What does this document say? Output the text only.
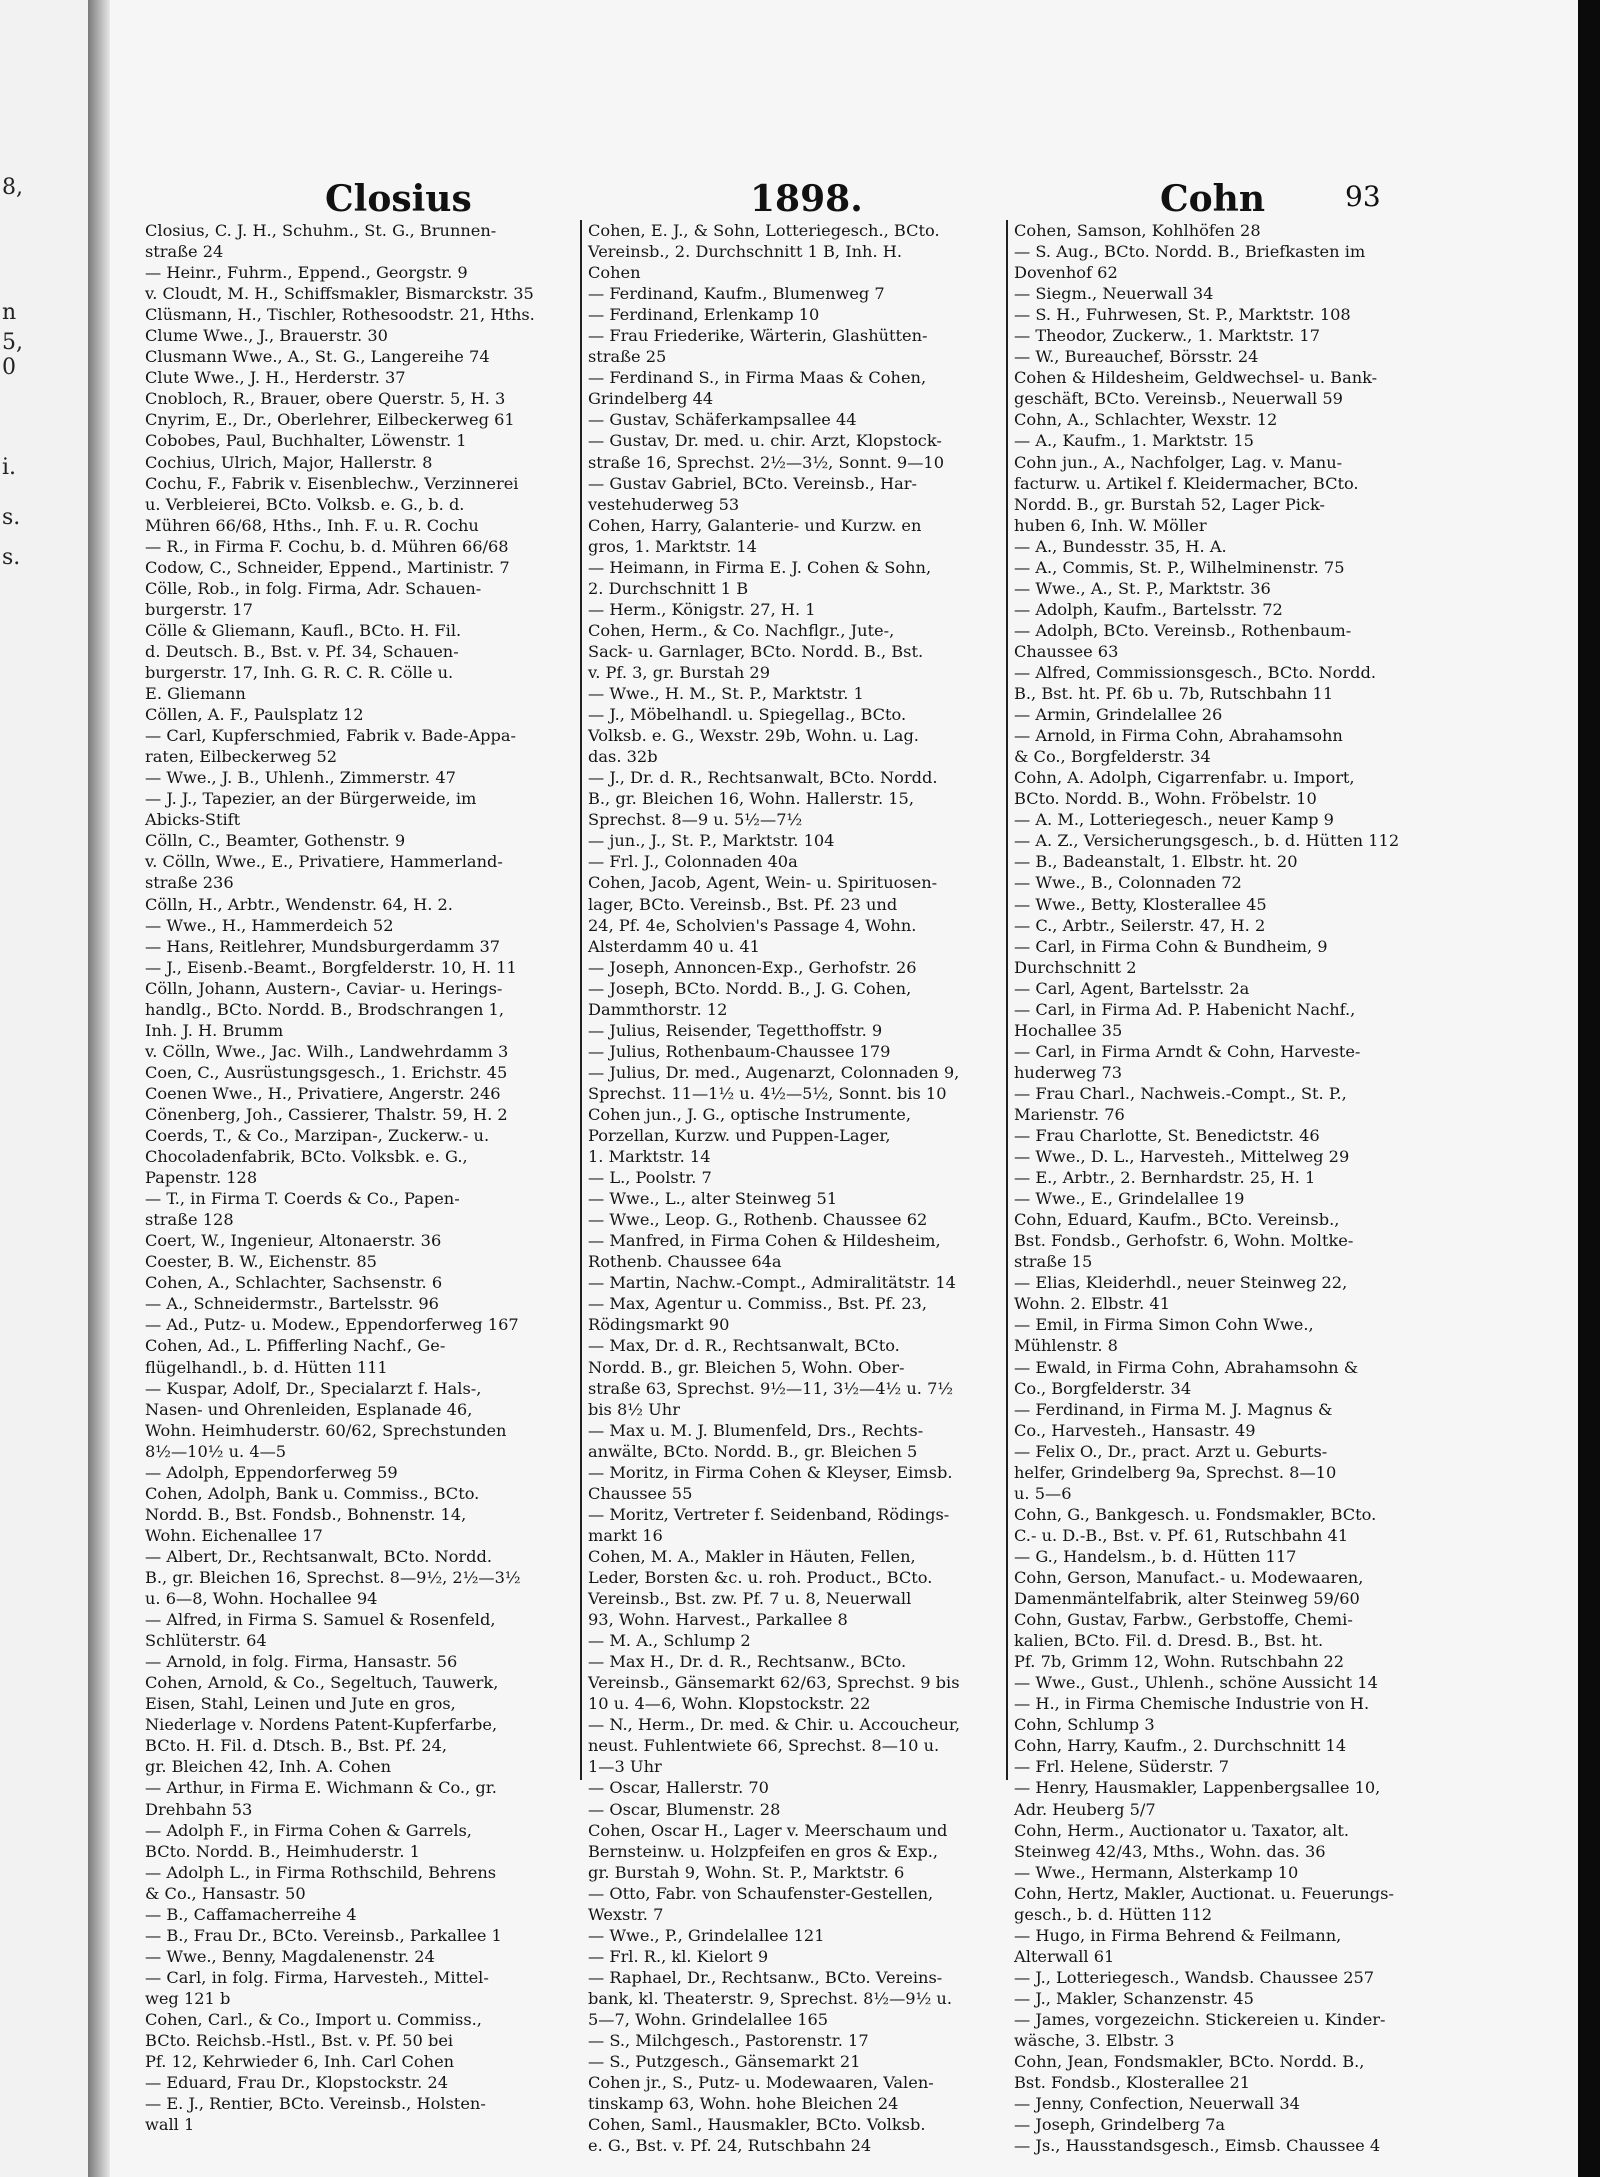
8,
n
5,
0
i.
s.
s.
Closius	1898.	Cohn	93

Closius, C. J. H., Schuhm., St. G., Brunnen-

straße 24

— Heinr., Fuhrm., Eppend., Georgstr. 9

v. Cloudt, M. H., Schiffsmakler, Bismarckstr. 35

Clüsmann, H., Tischler, Rothesoodstr. 21, Hths.

Clume Wwe., J., Brauerstr. 30

Clusmann Wwe., A., St. G., Langereihe 74

Clute Wwe., J. H., Herderstr. 37

Cnobloch, R., Brauer, obere Querstr. 5, H. 3

Cnyrim, E., Dr., Oberlehrer, Eilbeckerweg 61

Cobobes, Paul, Buchhalter, Löwenstr. 1

Cochius, Ulrich, Major, Hallerstr. 8

Cochu, F., Fabrik v. Eisenblechw., Verzinnerei

u. Verbleierei, BCto. Volksb. e. G., b. d.

Mühren 66/68, Hths., Inh. F. u. R. Cochu

— R., in Firma F. Cochu, b. d. Mühren 66/68

Codow, C., Schneider, Eppend., Martinistr. 7

Cölle, Rob., in folg. Firma, Adr. Schauen-

burgerstr. 17

Cölle & Gliemann, Kaufl., BCto. H. Fil.

d. Deutsch. B., Bst. v. Pf. 34, Schauen-

burgerstr. 17, Inh. G. R. C. R. Cölle u.

E. Gliemann

Cöllen, A. F., Paulsplatz 12

— Carl, Kupferschmied, Fabrik v. Bade-Appa-

raten, Eilbeckerweg 52

— Wwe., J. B., Uhlenh., Zimmerstr. 47

— J. J., Tapezier, an der Bürgerweide, im

Abicks-Stift

Cölln, C., Beamter, Gothenstr. 9

v. Cölln, Wwe., E., Privatiere, Hammerland-

straße 236

Cölln, H., Arbtr., Wendenstr. 64, H. 2.

— Wwe., H., Hammerdeich 52

— Hans, Reitlehrer, Mundsburgerdamm 37

— J., Eisenb.-Beamt., Borgfelderstr. 10, H. 11

Cölln, Johann, Austern-, Caviar- u. Herings-

handlg., BCto. Nordd. B., Brodschrangen 1,

Inh. J. H. Brumm

v. Cölln, Wwe., Jac. Wilh., Landwehrdamm 3

Coen, C., Ausrüstungsgesch., 1. Erichstr. 45

Coenen Wwe., H., Privatiere, Angerstr. 246

Cönenberg, Joh., Cassierer, Thalstr. 59, H. 2

Coerds, T., & Co., Marzipan-, Zuckerw.- u.

Chocoladenfabrik, BCto. Volksbk. e. G.,

Papenstr. 128

— T., in Firma T. Coerds & Co., Papen-

straße 128

Coert, W., Ingenieur, Altonaerstr. 36

Coester, B. W., Eichenstr. 85

Cohen, A., Schlachter, Sachsenstr. 6

— A., Schneidermstr., Bartelsstr. 96

— Ad., Putz- u. Modew., Eppendorferweg 167

Cohen, Ad., L. Pfifferling Nachf., Ge-

flügelhandl., b. d. Hütten 111

— Kuspar, Adolf, Dr., Specialarzt f. Hals-,

Nasen- und Ohrenleiden, Esplanade 46,

Wohn. Heimhuderstr. 60/62, Sprechstunden

8½—10½ u. 4—5

— Adolph, Eppendorferweg 59

Cohen, Adolph, Bank u. Commiss., BCto.

Nordd. B., Bst. Fondsb., Bohnenstr. 14,

Wohn. Eichenallee 17

— Albert, Dr., Rechtsanwalt, BCto. Nordd.

B., gr. Bleichen 16, Sprechst. 8—9½, 2½—3½

u. 6—8, Wohn. Hochallee 94

— Alfred, in Firma S. Samuel & Rosenfeld,

Schlüterstr. 64

— Arnold, in folg. Firma, Hansastr. 56

Cohen, Arnold, & Co., Segeltuch, Tauwerk,

Eisen, Stahl, Leinen und Jute en gros,

Niederlage v. Nordens Patent-Kupferfarbe,

BCto. H. Fil. d. Dtsch. B., Bst. Pf. 24,

gr. Bleichen 42, Inh. A. Cohen

— Arthur, in Firma E. Wichmann & Co., gr.

Drehbahn 53

— Adolph F., in Firma Cohen & Garrels,

BCto. Nordd. B., Heimhuderstr. 1

— Adolph L., in Firma Rothschild, Behrens

& Co., Hansastr. 50

— B., Caffamacherreihe 4

— B., Frau Dr., BCto. Vereinsb., Parkallee 1

— Wwe., Benny, Magdalenenstr. 24

— Carl, in folg. Firma, Harvesteh., Mittel-

weg 121 b

Cohen, Carl., & Co., Import u. Commiss.,

BCto. Reichsb.-Hstl., Bst. v. Pf. 50 bei

Pf. 12, Kehrwieder 6, Inh. Carl Cohen

— Eduard, Frau Dr., Klopstockstr. 24

— E. J., Rentier, BCto. Vereinsb., Holsten-

wall 1

Cohen, E. J., & Sohn, Lotteriegesch., BCto.

Vereinsb., 2. Durchschnitt 1 B, Inh. H.

Cohen

— Ferdinand, Kaufm., Blumenweg 7

— Ferdinand, Erlenkamp 10

— Frau Friederike, Wärterin, Glashütten-

straße 25

— Ferdinand S., in Firma Maas & Cohen,

Grindelberg 44

— Gustav, Schäferkampsallee 44

— Gustav, Dr. med. u. chir. Arzt, Klopstock-

straße 16, Sprechst. 2½—3½, Sonnt. 9—10

— Gustav Gabriel, BCto. Vereinsb., Har-

vestehuderweg 53

Cohen, Harry, Galanterie- und Kurzw. en

gros, 1. Marktstr. 14

— Heimann, in Firma E. J. Cohen & Sohn,

2. Durchschnitt 1 B

— Herm., Königstr. 27, H. 1

Cohen, Herm., & Co. Nachflgr., Jute-,

Sack- u. Garnlager, BCto. Nordd. B., Bst.

v. Pf. 3, gr. Burstah 29

— Wwe., H. M., St. P., Marktstr. 1

— J., Möbelhandl. u. Spiegellag., BCto.

Volksb. e. G., Wexstr. 29b, Wohn. u. Lag.

das. 32b

— J., Dr. d. R., Rechtsanwalt, BCto. Nordd.

B., gr. Bleichen 16, Wohn. Hallerstr. 15,

Sprechst. 8—9 u. 5½—7½

— jun., J., St. P., Marktstr. 104

— Frl. J., Colonnaden 40a

Cohen, Jacob, Agent, Wein- u. Spirituosen-

lager, BCto. Vereinsb., Bst. Pf. 23 und

24, Pf. 4e, Scholvien's Passage 4, Wohn.

Alsterdamm 40 u. 41

— Joseph, Annoncen-Exp., Gerhofstr. 26

— Joseph, BCto. Nordd. B., J. G. Cohen,

Dammthorstr. 12

— Julius, Reisender, Tegetthoffstr. 9

— Julius, Rothenbaum-Chaussee 179

— Julius, Dr. med., Augenarzt, Colonnaden 9,

Sprechst. 11—1½ u. 4½—5½, Sonnt. bis 10

Cohen jun., J. G., optische Instrumente,

Porzellan, Kurzw. und Puppen-Lager,

1. Marktstr. 14

— L., Poolstr. 7

— Wwe., L., alter Steinweg 51

— Wwe., Leop. G., Rothenb. Chaussee 62

— Manfred, in Firma Cohen & Hildesheim,

Rothenb. Chaussee 64a

— Martin, Nachw.-Compt., Admiralitätstr. 14

— Max, Agentur u. Commiss., Bst. Pf. 23,

Rödingsmarkt 90

— Max, Dr. d. R., Rechtsanwalt, BCto.

Nordd. B., gr. Bleichen 5, Wohn. Ober-

straße 63, Sprechst. 9½—11, 3½—4½ u. 7½

bis 8½ Uhr

— Max u. M. J. Blumenfeld, Drs., Rechts-

anwälte, BCto. Nordd. B., gr. Bleichen 5

— Moritz, in Firma Cohen & Kleyser, Eimsb.

Chaussee 55

— Moritz, Vertreter f. Seidenband, Rödings-

markt 16

Cohen, M. A., Makler in Häuten, Fellen,

Leder, Borsten &c. u. roh. Product., BCto.

Vereinsb., Bst. zw. Pf. 7 u. 8, Neuerwall

93, Wohn. Harvest., Parkallee 8

— M. A., Schlump 2

— Max H., Dr. d. R., Rechtsanw., BCto.

Vereinsb., Gänsemarkt 62/63, Sprechst. 9 bis

10 u. 4—6, Wohn. Klopstockstr. 22

— N., Herm., Dr. med. & Chir. u. Accoucheur,

neust. Fuhlentwiete 66, Sprechst. 8—10 u.

1—3 Uhr

— Oscar, Hallerstr. 70

— Oscar, Blumenstr. 28

Cohen, Oscar H., Lager v. Meerschaum und

Bernsteinw. u. Holzpfeifen en gros & Exp.,

gr. Burstah 9, Wohn. St. P., Marktstr. 6

— Otto, Fabr. von Schaufenster-Gestellen,

Wexstr. 7

— Wwe., P., Grindelallee 121

— Frl. R., kl. Kielort 9

— Raphael, Dr., Rechtsanw., BCto. Vereins-

bank, kl. Theaterstr. 9, Sprechst. 8½—9½ u.

5—7, Wohn. Grindelallee 165

— S., Milchgesch., Pastorenstr. 17

— S., Putzgesch., Gänsemarkt 21

Cohen jr., S., Putz- u. Modewaaren, Valen-

tinskamp 63, Wohn. hohe Bleichen 24

Cohen, Saml., Hausmakler, BCto. Volksb.

e. G., Bst. v. Pf. 24, Rutschbahn 24

Cohen, Samson, Kohlhöfen 28

— S. Aug., BCto. Nordd. B., Briefkasten im

Dovenhof 62

— Siegm., Neuerwall 34

— S. H., Fuhrwesen, St. P., Marktstr. 108

— Theodor, Zuckerw., 1. Marktstr. 17

— W., Bureauchef, Börsstr. 24

Cohen & Hildesheim, Geldwechsel- u. Bank-

geschäft, BCto. Vereinsb., Neuerwall 59

Cohn, A., Schlachter, Wexstr. 12

— A., Kaufm., 1. Marktstr. 15

Cohn jun., A., Nachfolger, Lag. v. Manu-

facturw. u. Artikel f. Kleidermacher, BCto.

Nordd. B., gr. Burstah 52, Lager Pick-

huben 6, Inh. W. Möller

— A., Bundesstr. 35, H. A.

— A., Commis, St. P., Wilhelminenstr. 75

— Wwe., A., St. P., Marktstr. 36

— Adolph, Kaufm., Bartelsstr. 72

— Adolph, BCto. Vereinsb., Rothenbaum-

Chaussee 63

— Alfred, Commissionsgesch., BCto. Nordd.

B., Bst. ht. Pf. 6b u. 7b, Rutschbahn 11

— Armin, Grindelallee 26

— Arnold, in Firma Cohn, Abrahamsohn

& Co., Borgfelderstr. 34

Cohn, A. Adolph, Cigarrenfabr. u. Import,

BCto. Nordd. B., Wohn. Fröbelstr. 10

— A. M., Lotteriegesch., neuer Kamp 9

— A. Z., Versicherungsgesch., b. d. Hütten 112

— B., Badeanstalt, 1. Elbstr. ht. 20

— Wwe., B., Colonnaden 72

— Wwe., Betty, Klosterallee 45

— C., Arbtr., Seilerstr. 47, H. 2

— Carl, in Firma Cohn & Bundheim, 9

Durchschnitt 2

— Carl, Agent, Bartelsstr. 2a

— Carl, in Firma Ad. P. Habenicht Nachf.,

Hochallee 35

— Carl, in Firma Arndt & Cohn, Harveste-

huderweg 73

— Frau Charl., Nachweis.-Compt., St. P.,

Marienstr. 76

— Frau Charlotte, St. Benedictstr. 46

— Wwe., D. L., Harvesteh., Mittelweg 29

— E., Arbtr., 2. Bernhardstr. 25, H. 1

— Wwe., E., Grindelallee 19

Cohn, Eduard, Kaufm., BCto. Vereinsb.,

Bst. Fondsb., Gerhofstr. 6, Wohn. Moltke-

straße 15

— Elias, Kleiderhdl., neuer Steinweg 22,

Wohn. 2. Elbstr. 41

— Emil, in Firma Simon Cohn Wwe.,

Mühlenstr. 8

— Ewald, in Firma Cohn, Abrahamsohn &

Co., Borgfelderstr. 34

— Ferdinand, in Firma M. J. Magnus &

Co., Harvesteh., Hansastr. 49

— Felix O., Dr., pract. Arzt u. Geburts-

helfer, Grindelberg 9a, Sprechst. 8—10

u. 5—6

Cohn, G., Bankgesch. u. Fondsmakler, BCto.

C.- u. D.-B., Bst. v. Pf. 61, Rutschbahn 41

— G., Handelsm., b. d. Hütten 117

Cohn, Gerson, Manufact.- u. Modewaaren,

Damenmäntelfabrik, alter Steinweg 59/60

Cohn, Gustav, Farbw., Gerbstoffe, Chemi-

kalien, BCto. Fil. d. Dresd. B., Bst. ht.

Pf. 7b, Grimm 12, Wohn. Rutschbahn 22

— Wwe., Gust., Uhlenh., schöne Aussicht 14

— H., in Firma Chemische Industrie von H.

Cohn, Schlump 3

Cohn, Harry, Kaufm., 2. Durchschnitt 14

— Frl. Helene, Süderstr. 7

— Henry, Hausmakler, Lappenbergsallee 10,

Adr. Heuberg 5/7

Cohn, Herm., Auctionator u. Taxator, alt.

Steinweg 42/43, Mths., Wohn. das. 36

— Wwe., Hermann, Alsterkamp 10

Cohn, Hertz, Makler, Auctionat. u. Feuerungs-

gesch., b. d. Hütten 112

— Hugo, in Firma Behrend & Feilmann,

Alterwall 61

— J., Lotteriegesch., Wandsb. Chaussee 257

— J., Makler, Schanzenstr. 45

— James, vorgezeichn. Stickereien u. Kinder-

wäsche, 3. Elbstr. 3

Cohn, Jean, Fondsmakler, BCto. Nordd. B.,

Bst. Fondsb., Klosterallee 21

— Jenny, Confection, Neuerwall 34

— Joseph, Grindelberg 7a

— Js., Hausstandsgesch., Eimsb. Chaussee 4
